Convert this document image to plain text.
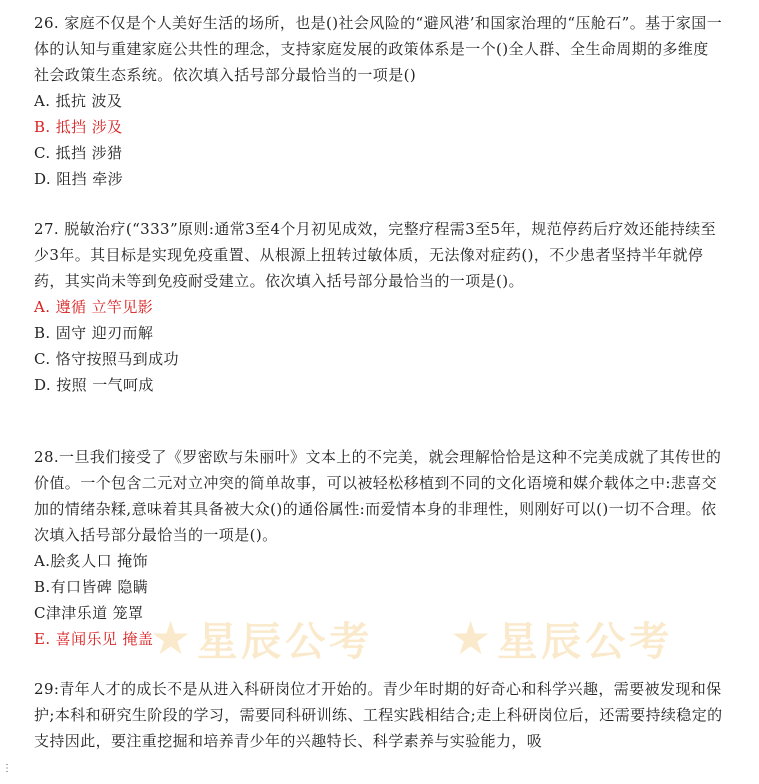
26. 家庭不仅是个人美好生活的场所，也是()社会风险的“避风港’和国家治理的“压舱石”。基于家国一体的认知与重建家庭公共性的理念，支持家庭发展的政策体系是一个()全人群、全生命周期的多维度社会政策生态系统。依次填入括号部分最恰当的一项是()

A. 抵抗 波及

B. 抵挡 涉及

C. 抵挡 涉猎

D. 阻挡 牵涉

27. 脱敏治疗(“333”原则:通常3至4个月初见成效，完整疗程需3至5年，规范停药后疗效还能持续至少3年。其目标是实现免疫重置、从根源上扭转过敏体质，无法像对症药()，不少患者坚持半年就停药，其实尚未等到免疫耐受建立。依次填入括号部分最恰当的一项是()。

A. 遵循 立竿见影

B. 固守 迎刃而解

C. 恪守按照马到成功

D. 按照 一气呵成

28.一旦我们接受了《罗密欧与朱丽叶》文本上的不完美，就会理解恰恰是这种不完美成就了其传世的价值。一个包含二元对立冲突的简单故事，可以被轻松移植到不同的文化语境和媒介载体之中:悲喜交加的情绪杂糅,意味着其具备被大众()的通俗属性:而爱情本身的非理性，则刚好可以()一切不合理。依次填入括号部分最恰当的一项是()。

A.脍炙人口 掩饰

B.有口皆碑 隐瞒

C津津乐道 笼罩

E. 喜闻乐见 掩盖

29:青年人才的成长不是从进入科研岗位才开始的。青少年时期的好奇心和科学兴趣，需要被发现和保护;本科和研究生阶段的学习，需要同科研训练、工程实践相结合;走上科研岗位后，还需要持续稳定的支持因此，要注重挖掘和培养青少年的兴趣特长、科学素养与实验能力，吸

★ 星辰公考 ★ 星辰公考
⋮
